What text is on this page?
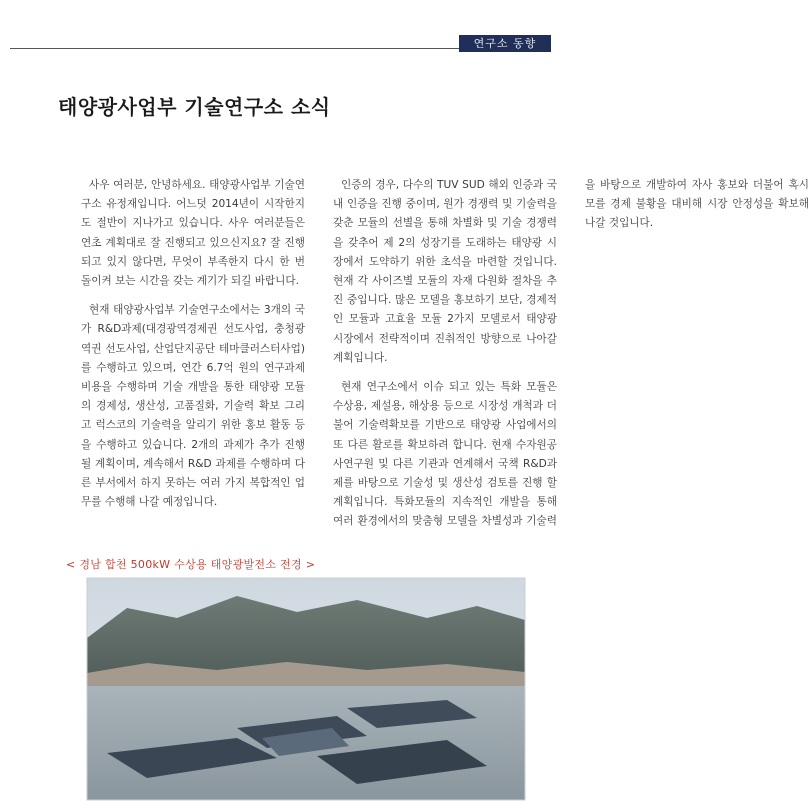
연구소 동향
태양광사업부 기술연구소 소식

사우 여러분, 안녕하세요. 태양광사업부 기술연구소 유정재입니다. 어느덧 2014년이 시작한지도 절반이 지나가고 있습니다. 사우 여러분들은 연초 계획대로 잘 진행되고 있으신지요? 잘 진행되고 있지 않다면, 무엇이 부족한지 다시 한 번 돌이켜 보는 시간을 갖는 계기가 되길 바랍니다.

현재 태양광사업부 기술연구소에서는 3개의 국가 R&D과제(대경광역경제권 선도사업, 충청광역권 선도사업, 산업단지공단 테마클러스터사업)를 수행하고 있으며, 연간 6.7억 원의 연구과제 비용을 수행하며 기술 개발을 통한 태양광 모듈의 경제성, 생산성, 고품질화, 기술력 확보 그리고 럭스코의 기술력을 알리기 위한 홍보 활동 등을 수행하고 있습니다. 2개의 과제가 추가 진행 될 계획이며, 계속해서 R&D 과제를 수행하며 다른 부서에서 하지 못하는 여러 가지 복합적인 업무를 수행해 나갈 예정입니다.

인증의 경우, 다수의 TUV SUD 해외 인증과 국내 인증을 진행 중이며, 원가 경쟁력 및 기술력을 갖춘 모듈의 선별을 통해 차별화 및 기술 경쟁력을 갖추어 제 2의 성장기를 도래하는 태양광 시장에서 도약하기 위한 초석을 마련할 것입니다. 현재 각 사이즈별 모듈의 자재 다원화 절차을 추진 중입니다. 많은 모델을 홍보하기 보단, 경제적인 모듈과 고효율 모듈 2가지 모델로서 태양광 시장에서 전략적이며 진취적인 방향으로 나아갈 계획입니다.

현재 연구소에서 이슈 되고 있는 특화 모듈은 수상용, 제설용, 해상용 등으로 시장성 개척과 더불어 기술력확보를 기반으로 태양광 사업에서의 또 다른 활로를 확보하려 합니다. 현재 수자원공사연구원 및 다른 기관과 연계해서 국책 R&D과제를 바탕으로 기술성 및 생산성 검토를 진행 할 계획입니다. 특화모듈의 지속적인 개발을 통해 여러 환경에서의 맞춤형 모델을 차별성과 기술력을 바탕으로 개발하여 자사 홍보와 더불어 혹시 모를 경제 불황을 대비해 시장 안정성을 확보해 나갈 것입니다.

< 경남 합천 500kW 수상용 태양광발전소 전경 >
